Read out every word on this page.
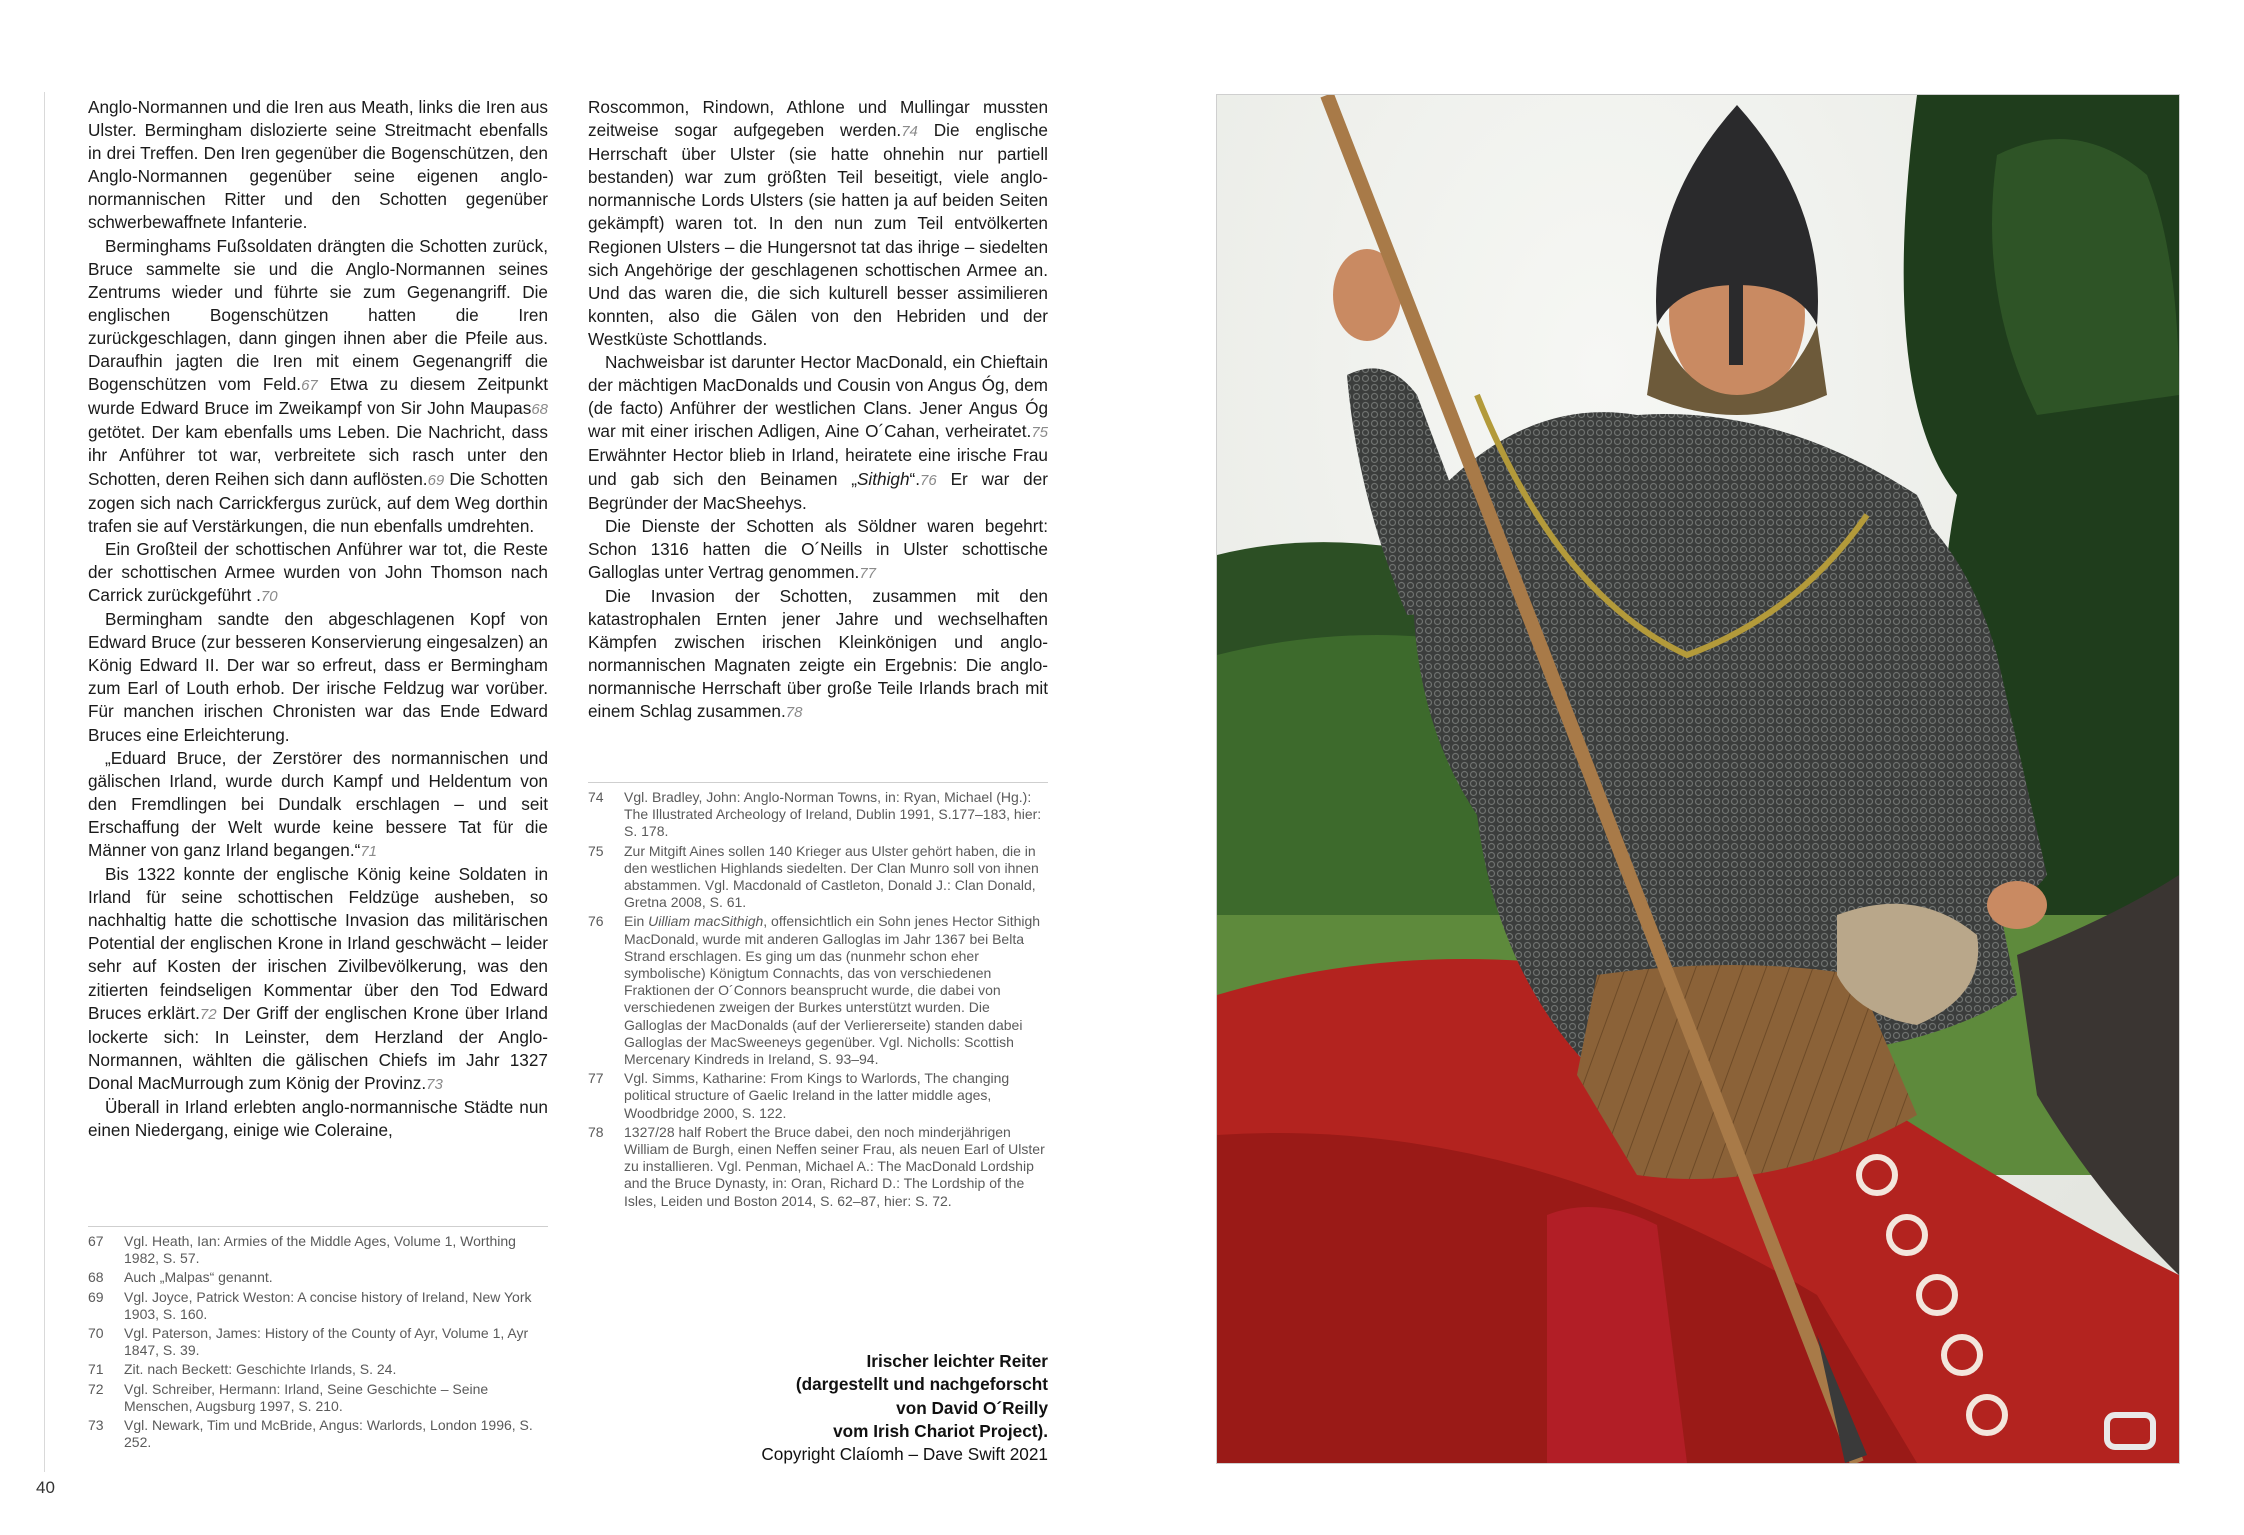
Anglo-Normannen und die Iren aus Meath, links die Iren aus Ulster. Bermingham dislozierte seine Streitmacht ebenfalls in drei Treffen. Den Iren gegenüber die Bogenschützen, den Anglo-Normannen gegenüber seine eigenen anglo-normannischen Ritter und den Schotten gegenüber schwerbewaffnete Infanterie.

Berminghams Fußsoldaten drängten die Schotten zurück, Bruce sammelte sie und die Anglo-Normannen seines Zentrums wieder und führte sie zum Gegenangriff. Die englischen Bogenschützen hatten die Iren zurückgeschlagen, dann gingen ihnen aber die Pfeile aus. Daraufhin jagten die Iren mit einem Gegenangriff die Bogenschützen vom Feld.67 Etwa zu diesem Zeitpunkt wurde Edward Bruce im Zweikampf von Sir John Maupas68 getötet. Der kam ebenfalls ums Leben. Die Nachricht, dass ihr Anführer tot war, verbreitete sich rasch unter den Schotten, deren Reihen sich dann auflösten.69 Die Schotten zogen sich nach Carrickfergus zurück, auf dem Weg dorthin trafen sie auf Verstärkungen, die nun ebenfalls umdrehten.

Ein Großteil der schottischen Anführer war tot, die Reste der schottischen Armee wurden von John Thomson nach Carrick zurückgeführt .70

Bermingham sandte den abgeschlagenen Kopf von Edward Bruce (zur besseren Konservierung eingesalzen) an König Edward II. Der war so erfreut, dass er Bermingham zum Earl of Louth erhob. Der irische Feldzug war vorüber. Für manchen irischen Chronisten war das Ende Edward Bruces eine Erleichterung.

„Eduard Bruce, der Zerstörer des normannischen und gälischen Irland, wurde durch Kampf und Heldentum von den Fremdlingen bei Dundalk erschlagen – und seit Erschaffung der Welt wurde keine bessere Tat für die Männer von ganz Irland begangen.“71

Bis 1322 konnte der englische König keine Soldaten in Irland für seine schottischen Feldzüge ausheben, so nachhaltig hatte die schottische Invasion das militärischen Potential der englischen Krone in Irland geschwächt – leider sehr auf Kosten der irischen Zivilbevölkerung, was den zitierten feindseligen Kommentar über den Tod Edward Bruces erklärt.72 Der Griff der englischen Krone über Irland lockerte sich: In Leinster, dem Herzland der Anglo-Normannen, wählten die gälischen Chiefs im Jahr 1327 Donal MacMurrough zum König der Provinz.73

Überall in Irland erlebten anglo-normannische Städte nun einen Niedergang, einige wie Coleraine,

Roscommon, Rindown, Athlone und Mullingar mussten zeitweise sogar aufgegeben werden.74 Die englische Herrschaft über Ulster (sie hatte ohnehin nur partiell bestanden) war zum größten Teil beseitigt, viele anglo-normannische Lords Ulsters (sie hatten ja auf beiden Seiten gekämpft) waren tot. In den nun zum Teil entvölkerten Regionen Ulsters – die Hungersnot tat das ihrige – siedelten sich Angehörige der geschlagenen schottischen Armee an. Und das waren die, die sich kulturell besser assimilieren konnten, also die Gälen von den Hebriden und der Westküste Schottlands.

Nachweisbar ist darunter Hector MacDonald, ein Chieftain der mächtigen MacDonalds und Cousin von Angus Óg, dem (de facto) Anführer der westlichen Clans. Jener Angus Óg war mit einer irischen Adligen, Aine O´Cahan, verheiratet.75 Erwähnter Hector blieb in Irland, heiratete eine irische Frau und gab sich den Beinamen „Sithigh“.76 Er war der Begründer der MacSheehys.

Die Dienste der Schotten als Söldner waren begehrt: Schon 1316 hatten die O´Neills in Ulster schottische Galloglas unter Vertrag genommen.77

Die Invasion der Schotten, zusammen mit den katastrophalen Ernten jener Jahre und wechselhaften Kämpfen zwischen irischen Kleinkönigen und anglo-normannischen Magnaten zeigte ein Ergebnis: Die anglo-normannische Herrschaft über große Teile Irlands brach mit einem Schlag zusammen.78

67	Vgl. Heath, Ian: Armies of the Middle Ages, Volume 1, Worthing 1982, S. 57.
68	Auch „Malpas“ genannt.
69	Vgl. Joyce, Patrick Weston: A concise history of Ireland, New York 1903, S. 160.
70	Vgl. Paterson, James: History of the County of Ayr, Volume 1, Ayr 1847, S. 39.
71	Zit. nach Beckett: Geschichte Irlands, S. 24.
72	Vgl. Schreiber, Hermann: Irland, Seine Geschichte – Seine Menschen, Augsburg 1997, S. 210.
73	Vgl. Newark, Tim und McBride, Angus: Warlords, London 1996, S. 252.
74	Vgl. Bradley, John: Anglo-Norman Towns, in: Ryan, Michael (Hg.): The Illustrated Archeology of Ireland, Dublin 1991, S.177–183, hier: S. 178.
75	Zur Mitgift Aines sollen 140 Krieger aus Ulster gehört haben, die in den westlichen Highlands siedelten. Der Clan Munro soll von ihnen abstammen. Vgl. Macdonald of Castleton, Donald J.: Clan Donald, Gretna 2008, S. 61.
76	Ein Uilliam macSithigh, offensichtlich ein Sohn jenes Hector Sithigh MacDonald, wurde mit anderen Galloglas im Jahr 1367 bei Belta Strand erschlagen. Es ging um das (nunmehr schon eher symbolische) Königtum Connachts, das von verschiedenen Fraktionen der O´Connors beansprucht wurde, die dabei von verschiedenen zweigen der Burkes unterstützt wurden. Die Galloglas der MacDonalds (auf der Verliererseite) standen dabei Galloglas der MacSweeneys gegenüber. Vgl. Nicholls: Scottish Mercenary Kindreds in Ireland, S. 93–94.
77	Vgl. Simms, Katharine: From Kings to Warlords, The changing political structure of Gaelic Ireland in the latter middle ages, Woodbridge 2000, S. 122.
78	1327/28 half Robert the Bruce dabei, den noch minderjährigen William de Burgh, einen Neffen seiner Frau, als neuen Earl of Ulster zu installieren. Vgl. Penman, Michael A.: The MacDonald Lordship and the Bruce Dynasty, in: Oran, Richard D.: The Lordship of the Isles, Leiden und Boston 2014, S. 62–87, hier: S. 72.
Irischer leichter Reiter
(dargestellt und nachgeforscht
von David O´Reilly
vom Irish Chariot Project).
Copyright Claíomh – Dave Swift 2021
40
